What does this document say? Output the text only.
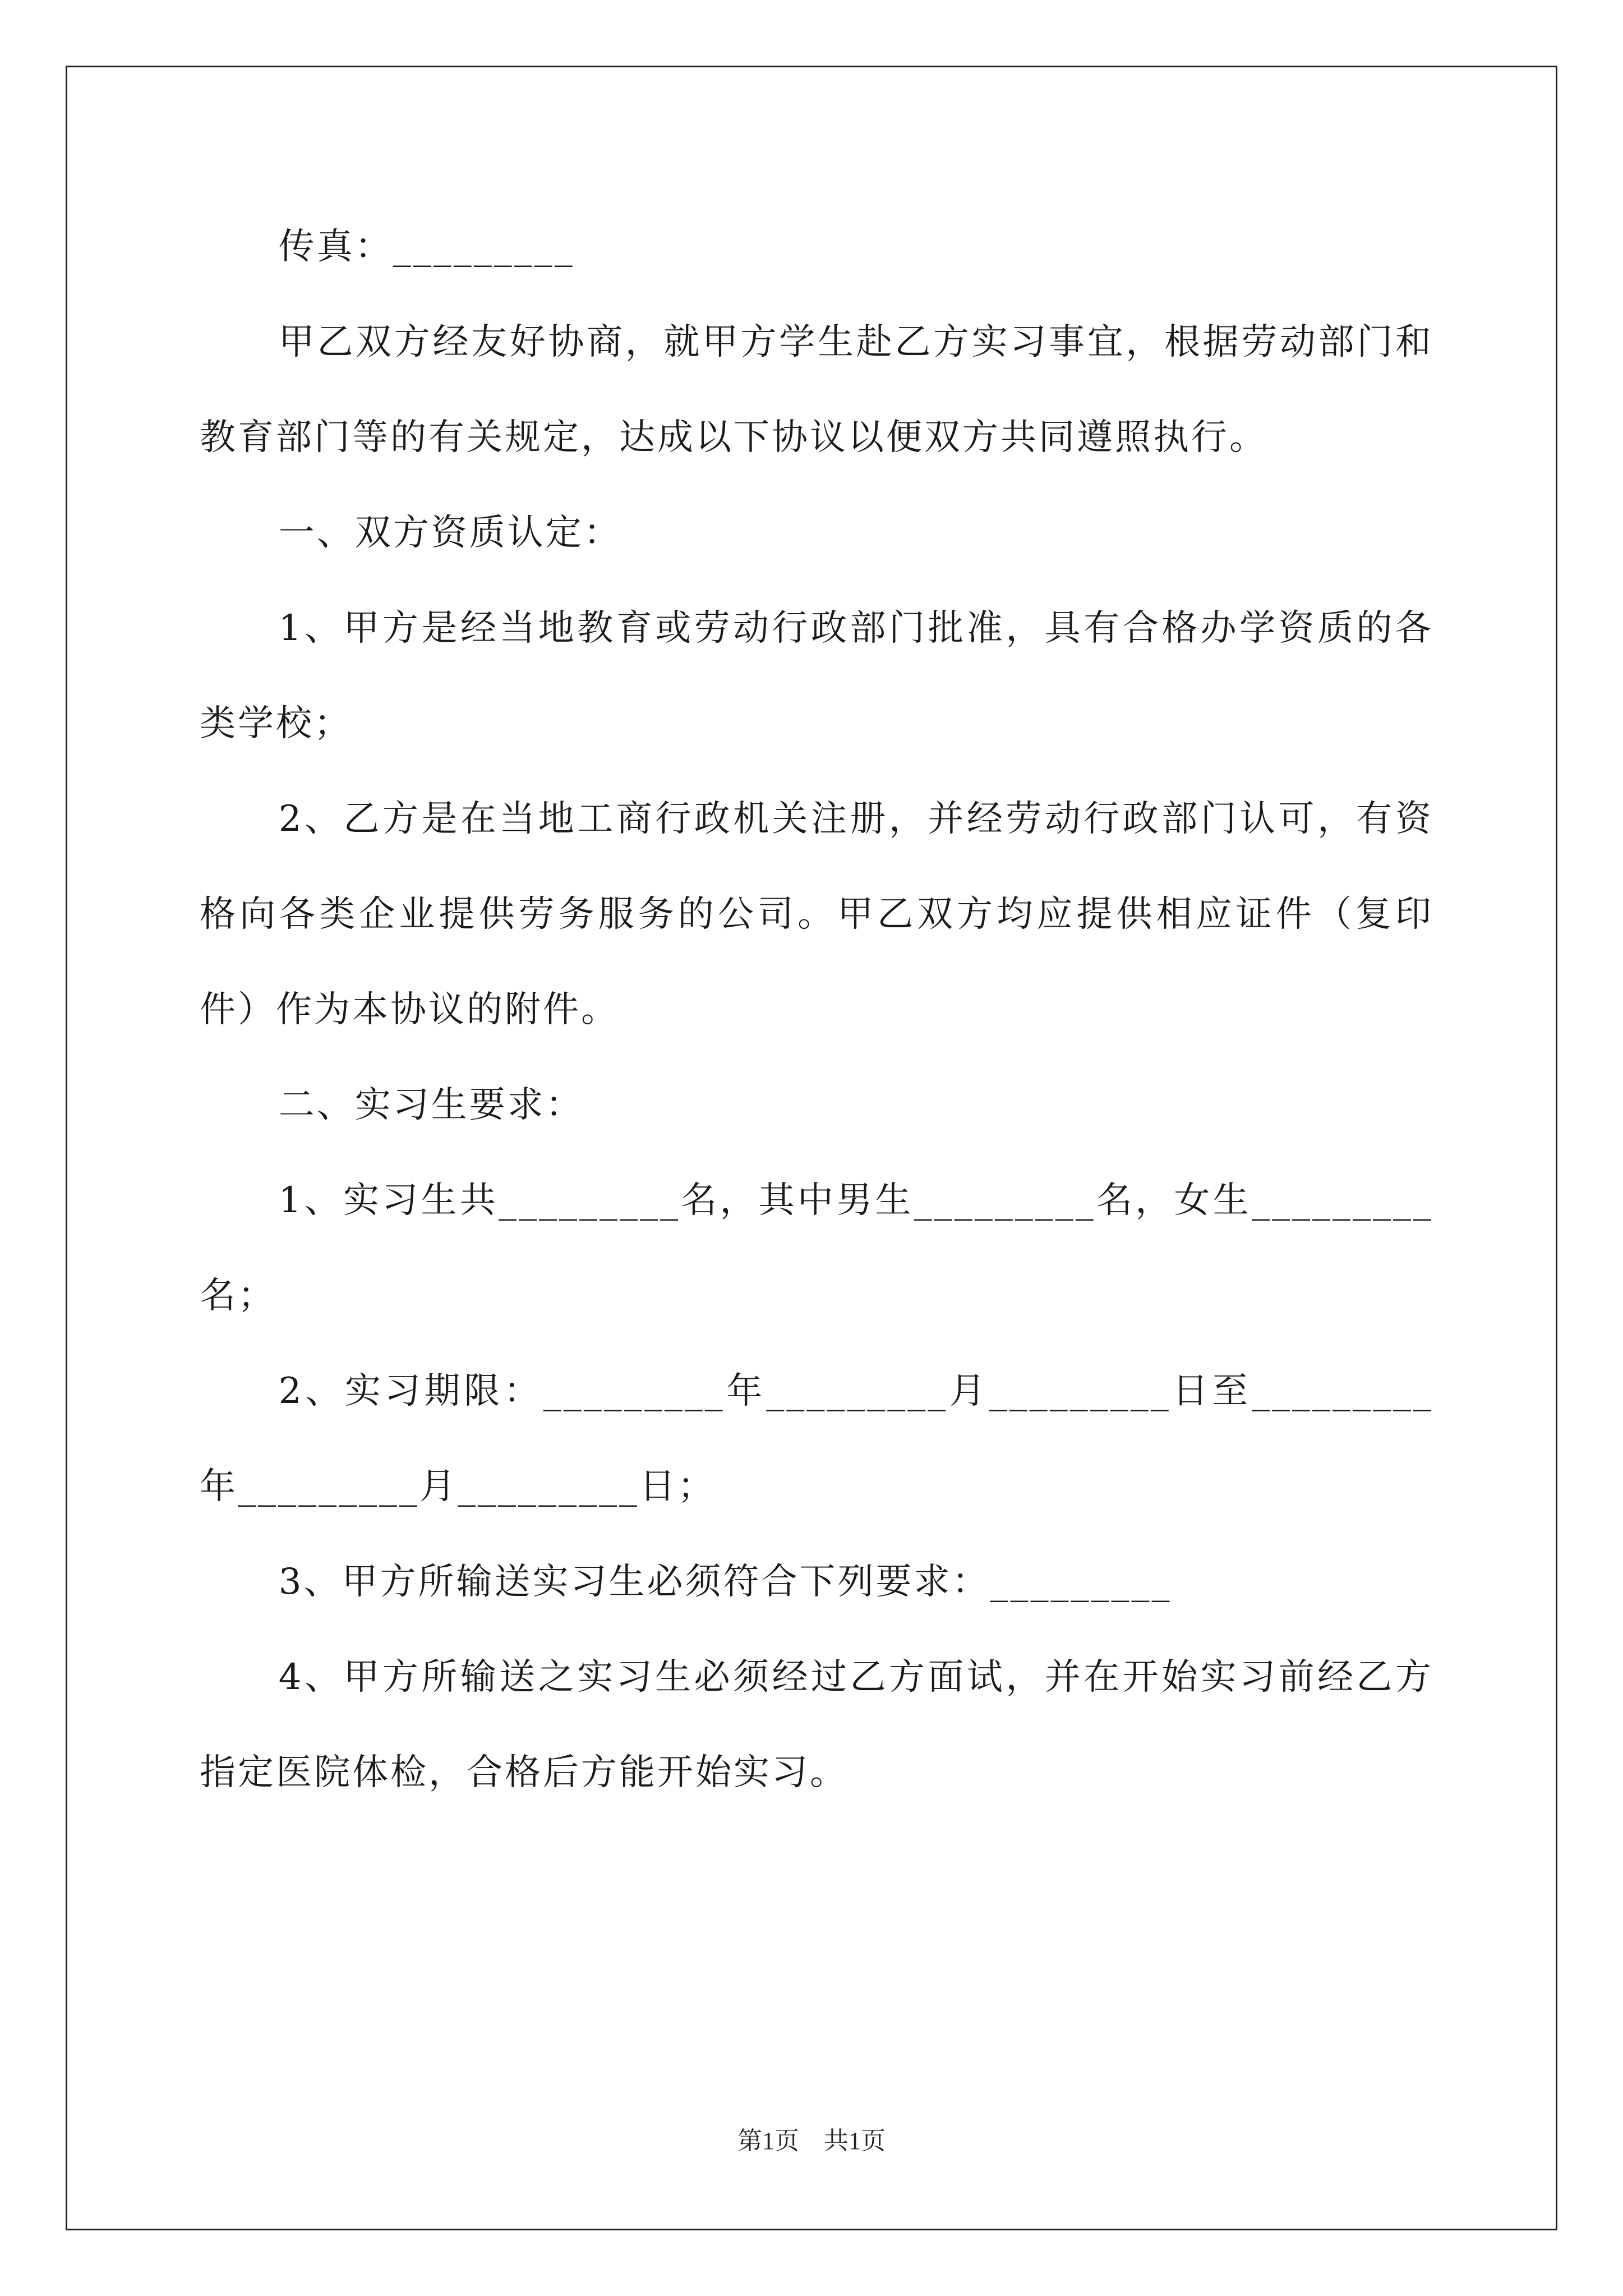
传真：_________

甲乙双方经友好协商，就甲方学生赴乙方实习事宜，根据劳动部门和教育部门等的有关规定，达成以下协议以便双方共同遵照执行。

一、双方资质认定：

1、甲方是经当地教育或劳动行政部门批准，具有合格办学资质的各类学校；

2、乙方是在当地工商行政机关注册，并经劳动行政部门认可，有资格向各类企业提供劳务服务的公司。甲乙双方均应提供相应证件（复印件）作为本协议的附件。

二、实习生要求：

1、实习生共_________名，其中男生_________名，女生_________名；

2、实习期限：_________年_________月_________日至_________年_________月_________日；

3、甲方所输送实习生必须符合下列要求：_________

4、甲方所输送之实习生必须经过乙方面试，并在开始实习前经乙方指定医院体检，合格后方能开始实习。

第1页　共1页
